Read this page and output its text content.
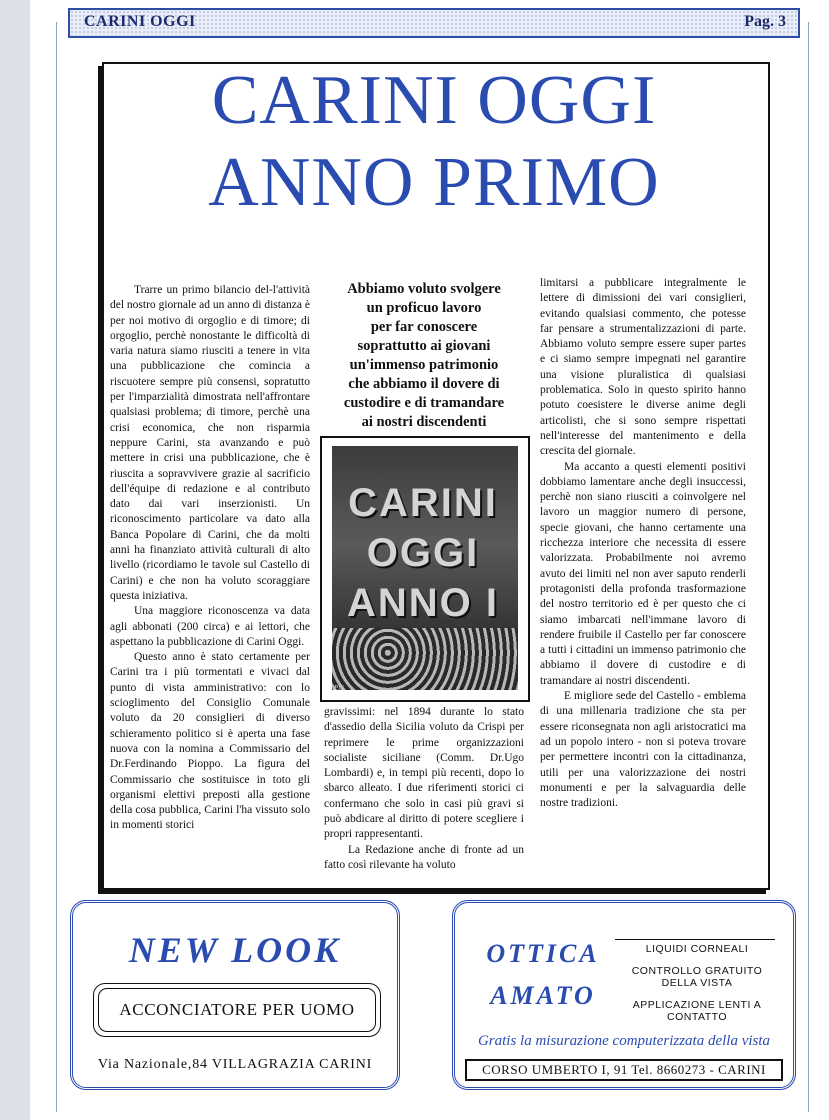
CARINI OGGI	Pag. 3
CARINI OGGI
ANNO PRIMO

Trarre un primo bilancio del-l'attività del nostro giornale ad un anno di distanza è per noi motivo di orgoglio e di timore; di orgoglio, perchè nonostante le difficoltà di varia natura siamo riusciti a tenere in vita una pubblicazione che comincia a riscuotere sempre più consensi, sopratutto per l'imparzialità dimostrata nell'affrontare qualsiasi problema; di timore, perchè una crisi economica, che non risparmia neppure Carini, sta avanzando e può mettere in crisi una pubblicazione, che è riuscita a sopravvivere grazie al sacrificio dell'équipe di redazione e al contributo dato dai vari inserzionisti. Un riconoscimento particolare va dato alla Banca Popolare di Carini, che da molti anni ha finanziato attività culturali di alto livello (ricordiamo le tavole sul Castello di Carini) e che non ha voluto scoraggiare questa iniziativa.

Una maggiore riconoscenza va data agli abbonati (200 circa) e ai lettori, che aspettano la pubblicazione di Carini Oggi.

Questo anno è stato certamente per Carini tra i più tormentati e vivaci dal punto di vista amministrativo: con lo scioglimento del Consiglio Comunale voluto da 20 consiglieri di diverso schieramento politico si è aperta una fase nuova con la nomina a Commissario del Dr.Ferdinando Pioppo. La figura del Commissario che sostituisce in toto gli organismi elettivi preposti alla gestione della cosa pubblica, Carini l'ha vissuto solo in momenti storici

Abbiamo voluto svolgere
un proficuo lavoro
per far conoscere
soprattutto ai giovani
un'immenso patrimonio
che abbiamo il dovere di
custodire e di tramandare
ai nostri discendenti
CARINI OGGI ANNO I
Pili

gravissimi: nel 1894 durante lo stato d'assedio della Sicilia voluto da Crispi per reprimere le prime organizzazioni socialiste siciliane (Comm. Dr.Ugo Lombardi) e, in tempi più recenti, dopo lo sbarco alleato. I due riferimenti storici ci confermano che solo in casi più gravi si può abdicare al diritto di potere scegliere i propri rappresentanti.

La Redazione anche di fronte ad un fatto così rilevante ha voluto

limitarsi a pubblicare integralmente le lettere di dimissioni dei vari consiglieri, evitando qualsiasi commento, che potesse far pensare a strumentalizzazioni di parte. Abbiamo voluto sempre essere super partes e ci siamo sempre impegnati nel garantire una visione pluralistica di qualsiasi problematica. Solo in questo spirito hanno potuto coesistere le diverse anime degli articolisti, che si sono sempre rispettati nell'interesse del mantenimento e della crescita del giornale.

Ma accanto a questi elementi positivi dobbiamo lamentare anche degli insuccessi, perchè non siano riusciti a coinvolgere nel lavoro un maggior numero di persone, specie giovani, che hanno certamente una ricchezza interiore che necessita di essere valorizzata. Probabilmente noi avremo avuto dei limiti nel non aver saputo renderli protagonisti della profonda trasformazione del nostro territorio ed è per questo che ci siamo imbarcati nell'immane lavoro di rendere fruibile il Castello per far conoscere a tutti i cittadini un immenso patrimonio che abbiamo il dovere di custodire e di tramandare ai nostri discendenti.

E migliore sede del Castello - emblema di una millenaria tradizione che sta per essere riconsegnata non agli aristocratici ma ad un popolo intero - non si poteva trovare per permettere incontri con la cittadinanza, utili per una valorizzazione dei nostri monumenti e per la salvaguardia delle nostre tradizioni.

NEW LOOK
ACCONCIATORE PER UOMO
Via Nazionale,84 VILLAGRAZIA CARINI
OTTICA
AMATO
LIQUIDI CORNEALI
CONTROLLO GRATUITO DELLA VISTA
APPLICAZIONE LENTI A CONTATTO
Gratis la misurazione computerizzata della vista
CORSO UMBERTO I, 91 Tel. 8660273 - CARINI
